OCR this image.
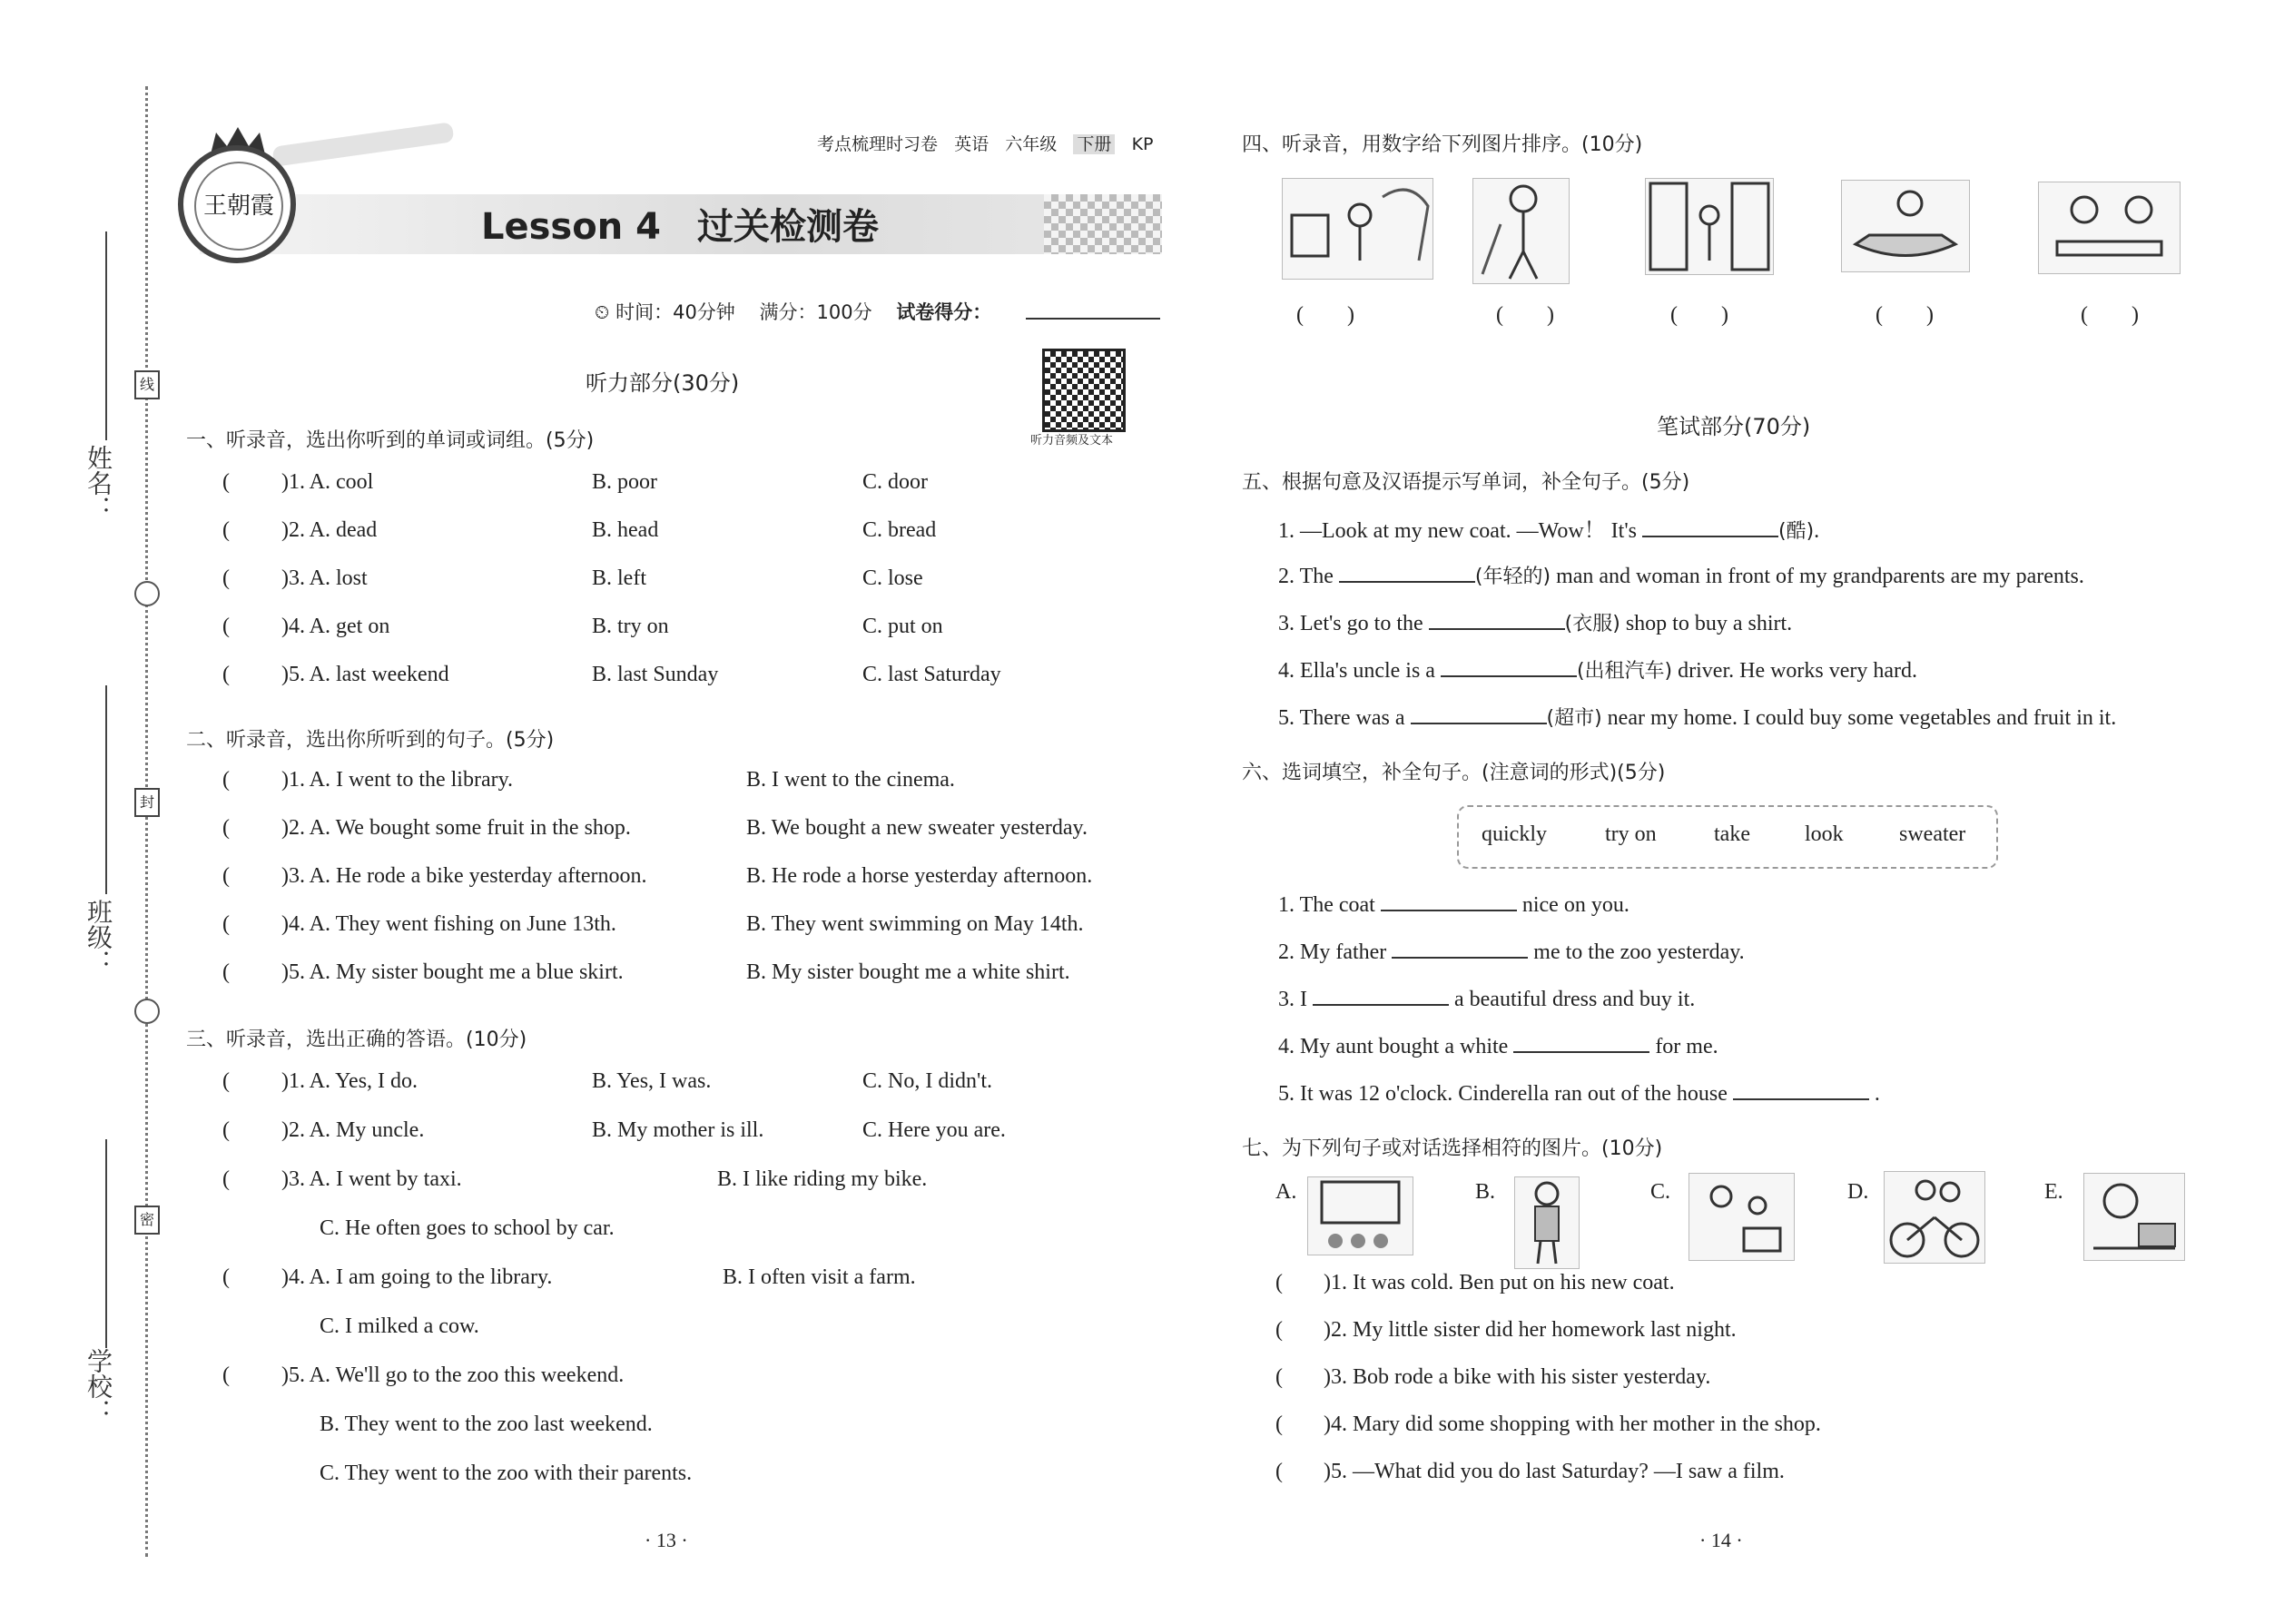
姓名：
班级：
学校：
线
封
密
考点梳理时习卷 英语 六年级 下册 KP
王朝霞	Lesson 4　过关检测卷
⏲ 时间：40分钟 满分：100分 试卷得分：
听力部分(30分)
听力音频及文本
一、听录音，选出你听到的单词或词组。(5分)
( )1. A. cool	B. poor	C. door
( )2. A. dead	B. head	C. bread
( )3. A. lost	B. left	C. lose
( )4. A. get on	B. try on	C. put on
( )5. A. last weekend	B. last Sunday	C. last Saturday
二、听录音，选出你所听到的句子。(5分)
( )1. A. I went to the library.	B. I went to the cinema.
( )2. A. We bought some fruit in the shop.	B. We bought a new sweater yesterday.
( )3. A. He rode a bike yesterday afternoon.	B. He rode a horse yesterday afternoon.
( )4. A. They went fishing on June 13th.	B. They went swimming on May 14th.
( )5. A. My sister bought me a blue skirt.	B. My sister bought me a white shirt.
三、听录音，选出正确的答语。(10分)
( )1. A. Yes, I do.	B. Yes, I was.	C. No, I didn't.
( )2. A. My uncle.	B. My mother is ill.	C. Here you are.
( )3. A. I went by taxi.	B. I like riding my bike.
C. He often goes to school by car.
( )4. A. I am going to the library.	B. I often visit a farm.
C. I milked a cow.
( )5. A. We'll go to the zoo this weekend.
B. They went to the zoo last weekend.
C. They went to the zoo with their parents.
· 13 ·
四、听录音，用数字给下列图片排序。(10分)
(　　)	(　　)	(　　)	(　　)	(　　)
笔试部分(70分)
五、根据句意及汉语提示写单词，补全句子。(5分)
1. —Look at my new coat. —Wow！ It's	(酷).
2. The	(年轻的) man and woman in front of my grandparents are my parents.
3. Let's go to the	(衣服) shop to buy a shirt.
4. Ella's uncle is a	(出租汽车) driver. He works very hard.
5. There was a	(超市) near my home. I could buy some vegetables and fruit in it.
六、选词填空，补全句子。(注意词的形式)(5分)
quickly	try on	take	look	sweater
1. The coat	nice on you.
2. My father	me to the zoo yesterday.
3. I	a beautiful dress and buy it.
4. My aunt bought a white	for me.
5. It was 12 o'clock. Cinderella ran out of the house	.
七、为下列句子或对话选择相符的图片。(10分)
A.	B.	C.	D.	E.
( )1. It was cold. Ben put on his new coat.
( )2. My little sister did her homework last night.
( )3. Bob rode a bike with his sister yesterday.
( )4. Mary did some shopping with her mother in the shop.
( )5. —What did you do last Saturday? —I saw a film.
· 14 ·
